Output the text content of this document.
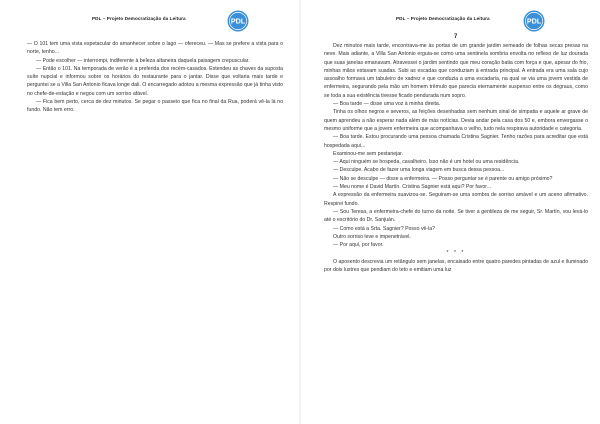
PDL – Projeto Democratização da Leitura	PDL

— O 101 tem uma vista espetacular do amanhecer sobre o lago — ofereceu. — Mas se prefere a vista para o norte, tenho...

— Pode escolher — interrompi, indiferente à beleza altaneira daquela paisagem crepuscular.

— Então o 101. Na temporada de verão é a preferida dos recém-casados. Estendeu as chaves da suposta suíte nupcial e informou sobre os horários do restaurante para o jantar. Disse que voltaria mais tarde e perguntei se a Villa San Antonio ficava longe dali. O encarregado adotou a mesma expressão que já tinha visto no chefe-de-estação e negou com um sorriso afável.

— Fica bem perto, cerca de dez minutos. Se pegar o passeio que fica no final da Rua, poderá vê-la lá no fundo. Não tem erro.

PDL – Projeto Democratização da Leitura	PDL
7

Dez minutos mais tarde, encontrava-me às portas de um grande jardim semeado de folhas secas presas na neve. Mais adiante, a Villa San Antonio erguia-se como uma sentinela sombria envolta no reflexo de luz dourada que suas janelas emanavam. Atravessei o jardim sentindo que meu coração batia com força e que, apesar do frio, minhas mãos estavam suadas. Subi as escadas que conduziam à entrada principal. A entrada era uma sala cujo assoalho formava um tabuleiro de xadrez e que conduzia a uma escadaria, na qual se via uma jovem vestida de enfermeira, segurando pela mão um homem trêmulo que parecia eternamente suspenso entre os degraus, como se toda a sua existência tivesse ficado pendurada num sopro.

— Boa tarde — disse uma voz à minha direita.

Tinha os olhos negros e severos, as feições desenhadas sem nenhum sinal de simpatia e aquele ar grave de quem aprendeu a não esperar nada além de más notícias. Devia andar pela casa dos 50 e, embora envergasse o mesmo uniforme que a jovem enfermeira que acompanhava o velho, tudo nela respirava autoridade e categoria.

— Boa tarde. Estou procurando uma pessoa chamada Cristina Sagnier. Tenho razões para acreditar que está hospedada aqui...

Examinou-me sem pestanejar.

— Aqui ninguém se hospeda, cavalheiro. Isso não é um hotel ou uma residência.

— Desculpe. Acabo de fazer uma longa viagem em busca dessa pessoa...

— Não se desculpe — disse a enfermeira. — Posso perguntar se é parente ou amigo próximo?

— Meu nome é David Martín. Cristina Sagnier está aqui? Por favor...

A expressão da enfermeira suavizou-se. Seguiram-se uma sombra de sorriso amável e um aceno afirmativo. Respirei fundo.

— Sou Teresa, a enfermeira-chefe do turno da noite. Se tiver a gentileza de me seguir, Sr. Martín, vou levá-lo até o escritório do Dr. Sanjuán.

— Como está a Srta. Sagnier? Posso vê-la?

Outro sorriso leve e impenetrável.

— Por aqui, por favor.

* * *

O aposento descrevia um retângulo sem janelas, encaixado entre quatro paredes pintadas de azul e iluminado por dois lustres que pendiam do teto e emitiam uma luz
